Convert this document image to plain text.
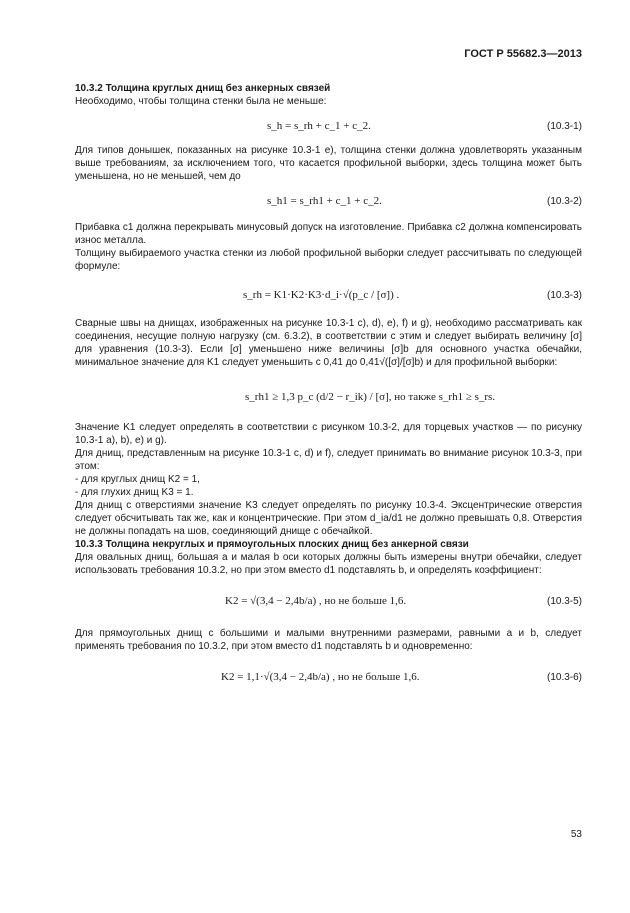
ГОСТ Р 55682.3—2013
10.3.2 Толщина круглых днищ без анкерных связей
Необходимо, чтобы толщина стенки была не меньше:
s_h = s_rh + c_1 + c_2.	(10.3-1)
Для типов донышек, показанных на рисунке 10.3-1 е), толщина стенки должна удовлетворять указанным выше требованиям, за исключением того, что касается профильной выборки, здесь толщина может быть уменьшена, но не меньшей, чем до
s_h1 = s_rh1 + c_1 + c_2.	(10.3-2)
Прибавка c1 должна перекрывать минусовый допуск на изготовление. Прибавка c2 должна компенсировать износ металла.
Толщину выбираемого участка стенки из любой профильной выборки следует рассчитывать по следующей формуле:
s_rh = K1·K2·K3·d_i·√(p_c / [σ]) .	(10.3-3)
Сварные швы на днищах, изображенных на рисунке 10.3-1 c), d), e), f) и g), необходимо рассматривать как соединения, несущие полную нагрузку (см. 6.3.2), в соответствии с этим и следует выбирать величину [σ] для уравнения (10.3-3). Если [σ] уменьшено ниже величины [σ]b для основного участка обечайки, минимальное значение для K1 следует уменьшить с 0,41 до 0,41√([σ]/[σ]b) и для профильной выборки:
s_rh1 ≥ 1,3 p_c (d/2 − r_ik) / [σ], но также s_rh1 ≥ s_rs.
Значение K1 следует определять в соответствии с рисунком 10.3-2, для торцевых участков — по рисунку 10.3-1 а), b), e) и g).
Для днищ, представленным на рисунке 10.3-1 c, d) и f), следует принимать во внимание рисунок 10.3-3, при этом:
- для круглых днищ K2 = 1,
- для глухих днищ K3 = 1.
Для днищ с отверстиями значение K3 следует определять по рисунку 10.3-4. Эксцентрические отверстия следует обсчитывать так же, как и концентрические. При этом d_ia/d1 не должно превышать 0,8. Отверстия не должны попадать на шов, соединяющий днище с обечайкой.
10.3.3 Толщина некруглых и прямоугольных плоских днищ без анкерной связи
Для овальных днищ, большая a и малая b оси которых должны быть измерены внутри обечайки, следует использовать требования 10.3.2, но при этом вместо d1 подставлять b, и определять коэффициент:
K2 = √(3,4 − 2,4b/a) , но не больше 1,6.	(10.3-5)
Для прямоугольных днищ с большими и малыми внутренними размерами, равными a и b, следует применять требования по 10.3.2, при этом вместо d1 подставлять b и одновременно:
K2 = 1,1·√(3,4 − 2,4b/a) , но не больше 1,6.	(10.3-6)
53
